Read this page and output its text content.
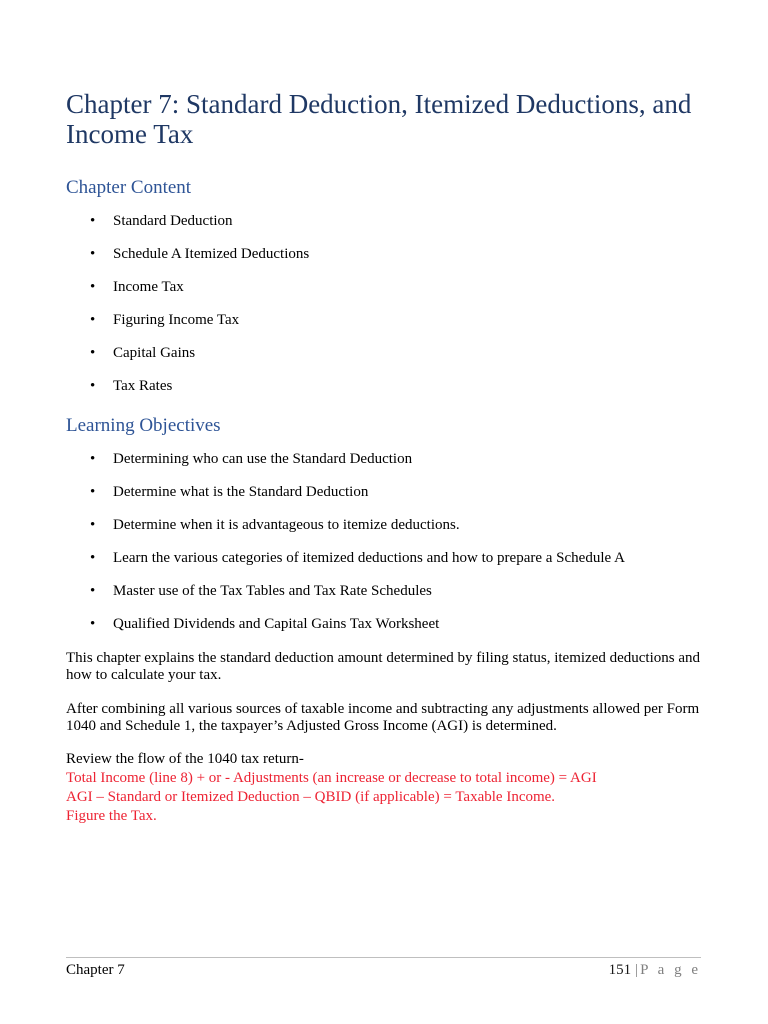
Chapter 7: Standard Deduction, Itemized Deductions, and
Income Tax
Chapter Content
• Standard Deduction
• Schedule A Itemized Deductions
• Income Tax
• Figuring Income Tax
• Capital Gains
• Tax Rates
Learning Objectives
• Determining who can use the Standard Deduction
• Determine what is the Standard Deduction
• Determine when it is advantageous to itemize deductions.
• Learn the various categories of itemized deductions and how to prepare a Schedule A
• Master use of the Tax Tables and Tax Rate Schedules
• Qualified Dividends and Capital Gains Tax Worksheet

This chapter explains the standard deduction amount determined by filing status, itemized deductions and how to calculate your tax.

After combining all various sources of taxable income and subtracting any adjustments allowed per Form 1040 and Schedule 1, the taxpayer’s Adjusted Gross Income (AGI) is determined.

Review the flow of the 1040 tax return-
Total Income (line 8) + or - Adjustments (an increase or decrease to total income) = AGI
AGI – Standard or Itemized Deduction – QBID (if applicable) = Taxable Income.
Figure the Tax.
Chapter 7	151 | P a g e
